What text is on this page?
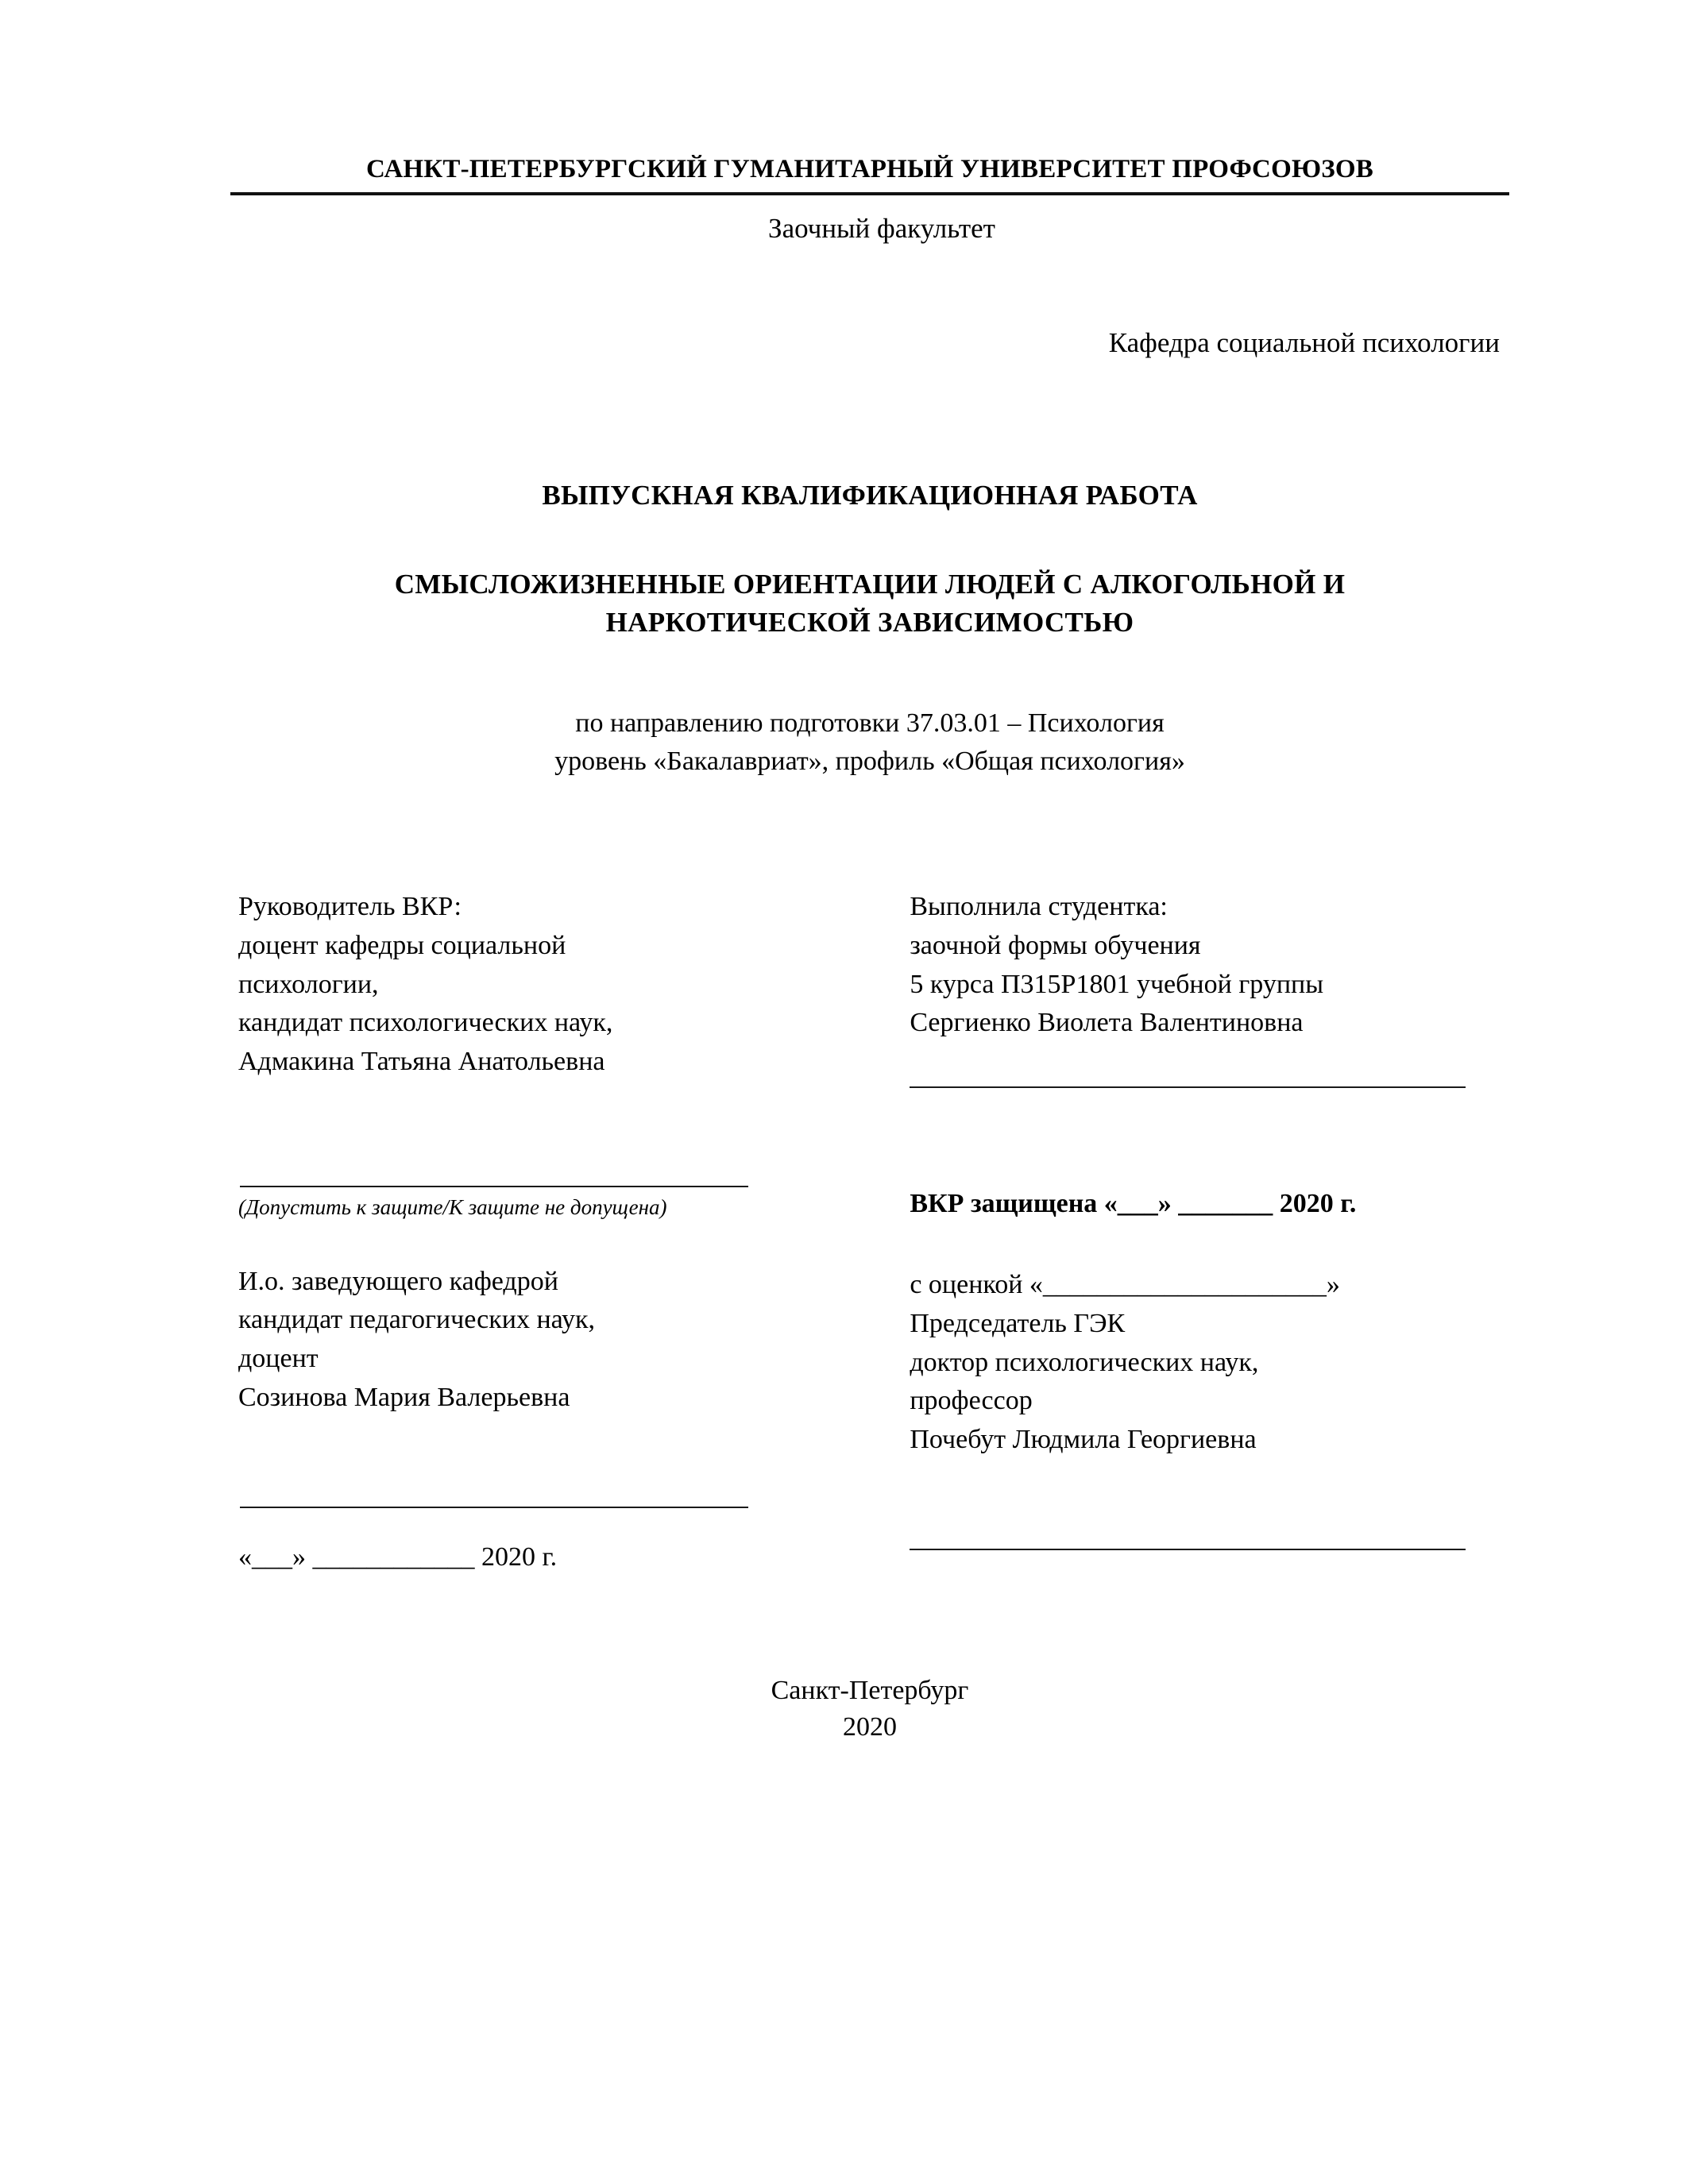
САНКТ-ПЕТЕРБУРГСКИЙ ГУМАНИТАРНЫЙ УНИВЕРСИТЕТ ПРОФСОЮЗОВ
Заочный факультет
Кафедра социальной психологии
ВЫПУСКНАЯ КВАЛИФИКАЦИОННАЯ РАБОТА
СМЫСЛОЖИЗНЕННЫЕ ОРИЕНТАЦИИ ЛЮДЕЙ С АЛКОГОЛЬНОЙ И НАРКОТИЧЕСКОЙ ЗАВИСИМОСТЬЮ
по направлению подготовки 37.03.01 – Психология
уровень «Бакалавриат», профиль «Общая психология»
Руководитель ВКР:
доцент кафедры социальной
психологии,
кандидат психологических наук,
Адмакина Татьяна Анатольевна
Выполнила студентка:
заочной формы обучения
5 курса П315Р1801 учебной группы
Сергиенко Виолета Валентиновна
(Допустить к защите/К защите не допущена)
И.о. заведующего кафедрой
кандидат педагогических наук,
доцент
Созинова Мария Валерьевна
«___» ____________ 2020 г.
ВКР защищена «___» _______ 2020 г.
с оценкой «_____________________»
Председатель ГЭК
доктор психологических наук,
профессор
Почебут Людмила Георгиевна
Санкт-Петербург
2020
